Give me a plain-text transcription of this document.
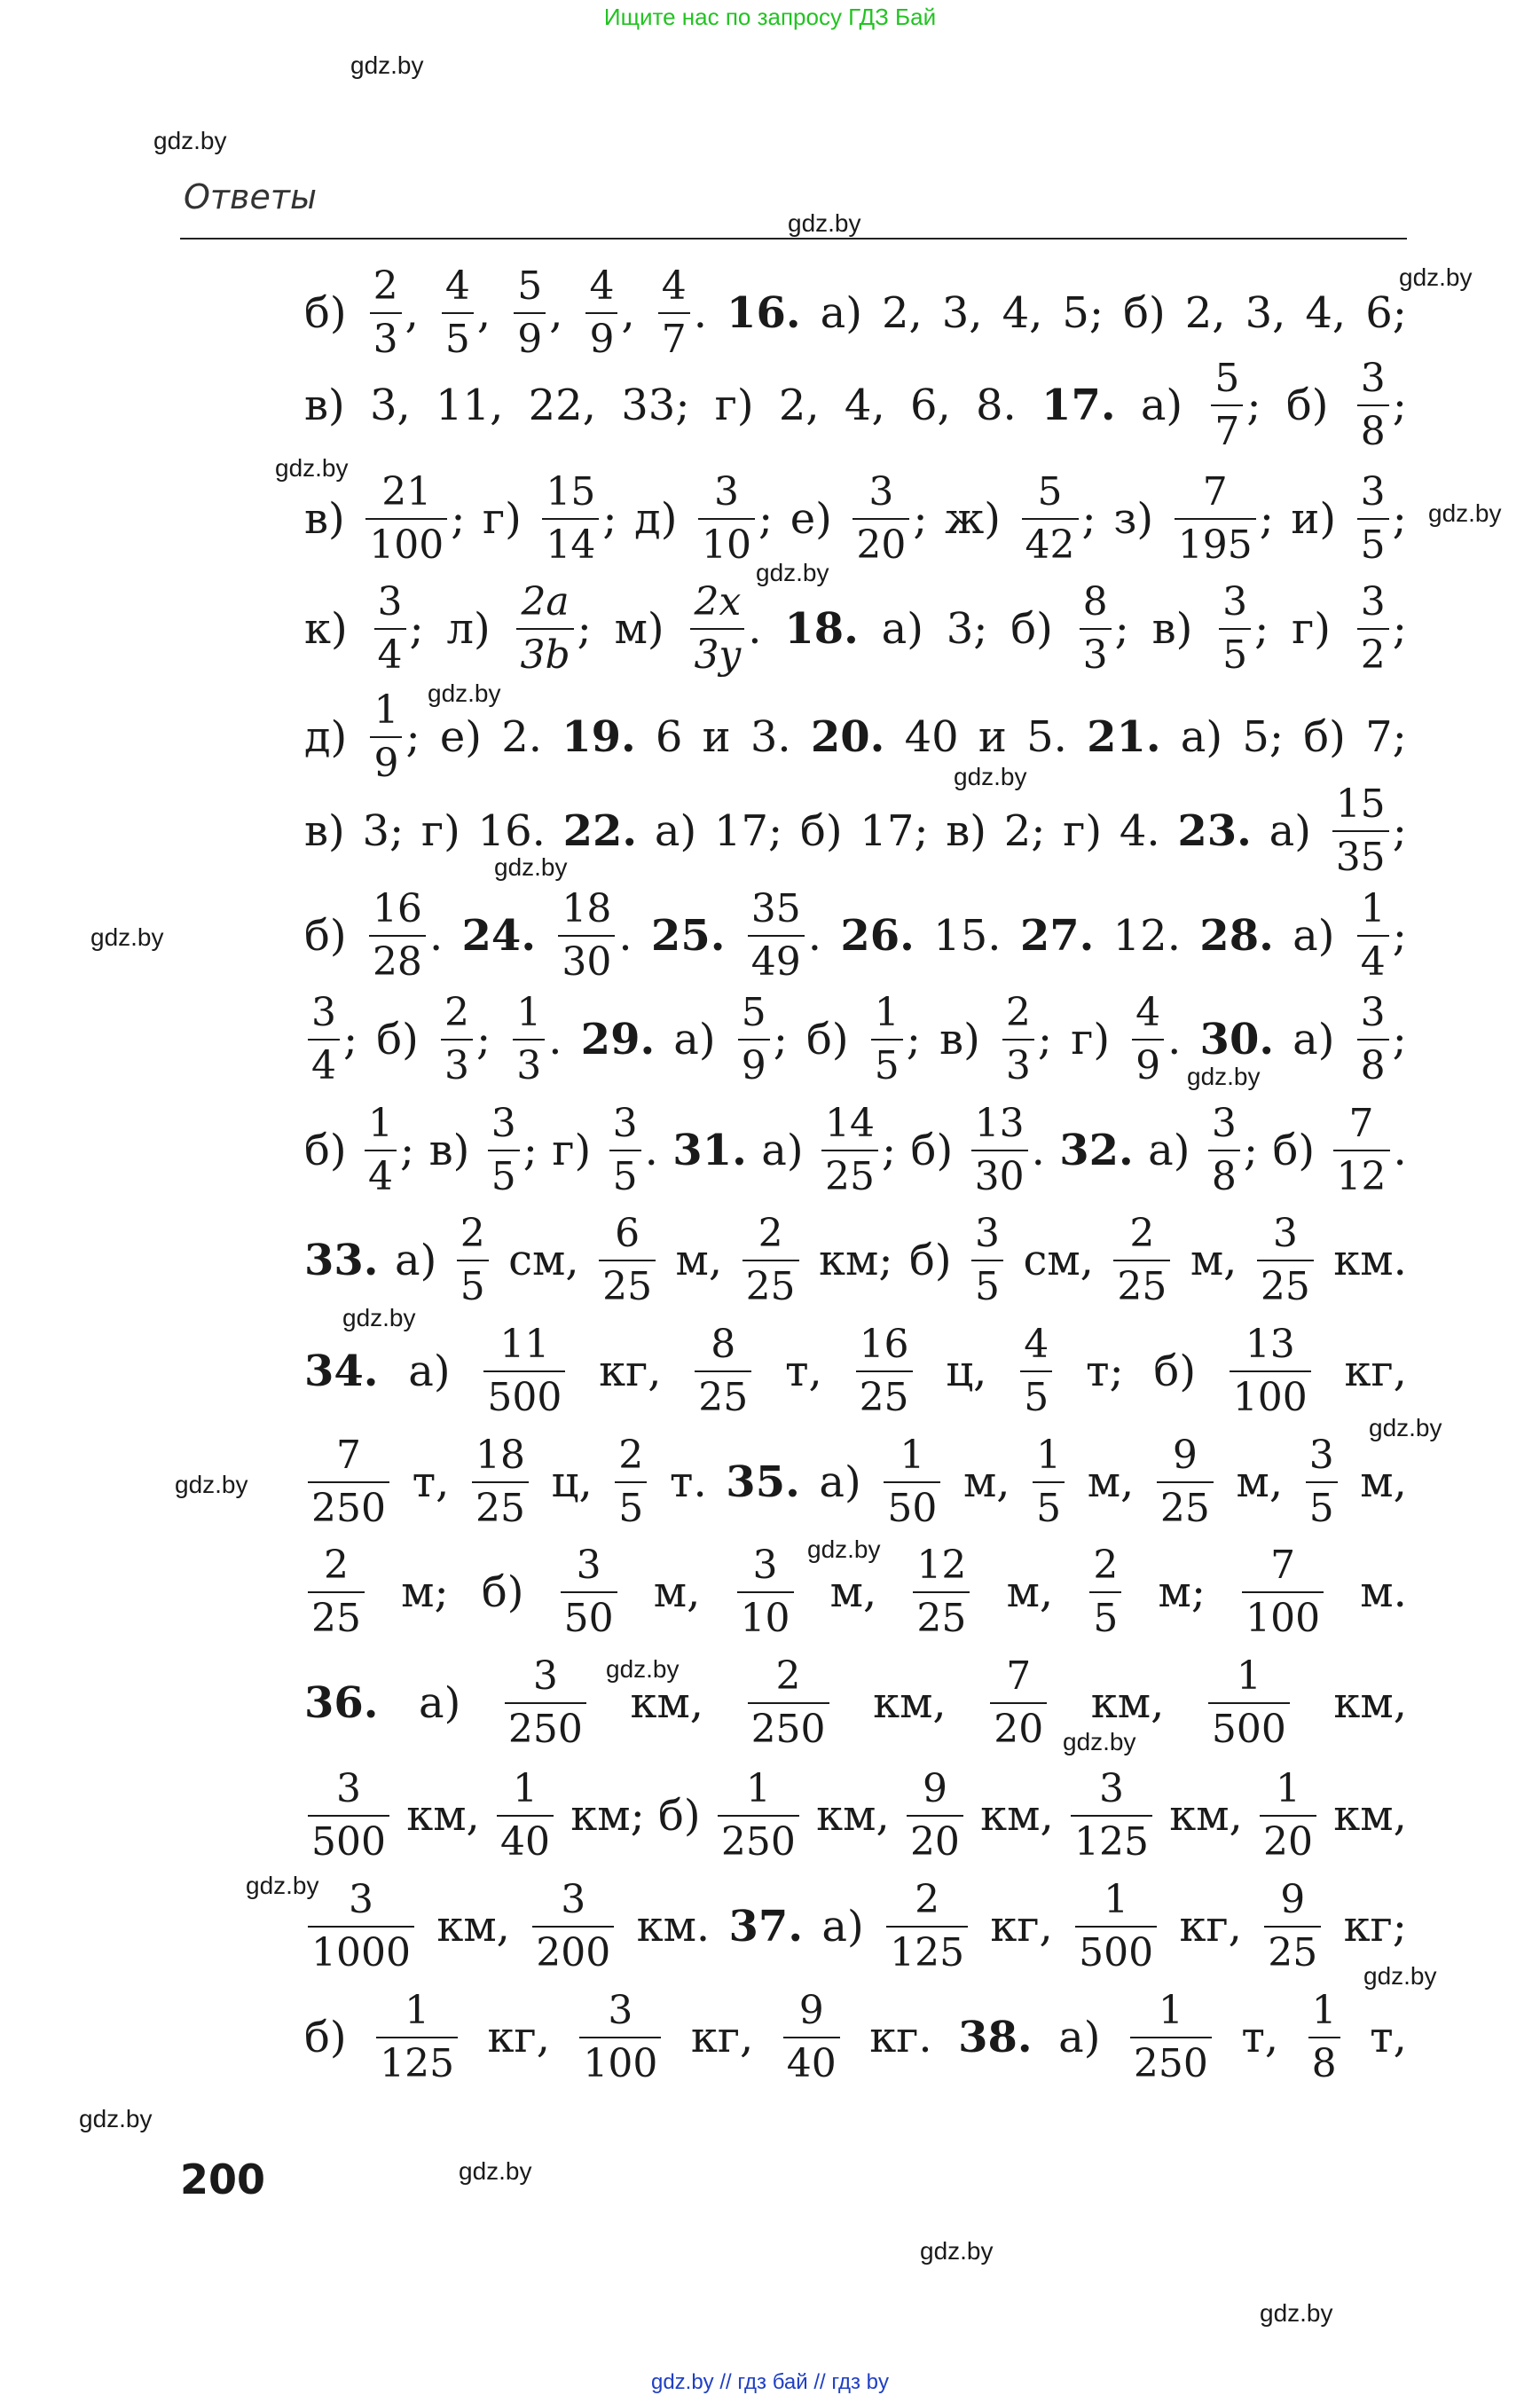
Ищите нас по запросу ГДЗ Бай
gdz.by
gdz.by
Ответы
gdz.by
$б) \frac{2}{3}$ , $\frac{4}{5}$ , $\frac{5}{9}$ , $\frac{4}{9}$ , $\frac{4}{7}$ . 16. а) 2, 3, 4, 5; б) 2, 3, 4, 6;
в) 3, 11, 22, 33; г) 2, 4, 6, 8. 17. $а) \frac{5}{7}$ ; $б) \frac{3}{8}$ ;
$в) \frac{21}{100}$ ; $г) \frac{15}{14}$ ; $д) \frac{3}{10}$ ; $е) \frac{3}{20}$ ; $ж) \frac{5}{42}$ ; $з) \frac{7}{195}$ ; $и) \frac{3}{5}$ ;
$к) \frac{3}{4}$ ; $л) \frac{2a}{3b}$ ; $м) \frac{2x}{3y}$ . 18. а) 3; $б) \frac{8}{3}$ ; $в) \frac{3}{5}$ ; $г) \frac{3}{2}$ ;
$д) \frac{1}{9}$ ; е) 2. 19. 6 и 3. 20. 40 и 5. 21. а) 5; б) 7;
в) 3; г) 16. 22. а) 17; б) 17; в) 2; г) 4. 23. $а) \frac{15}{35}$ ;
$б) \frac{16}{28}$ . 24. $\frac{18}{30}$ . 25. $\frac{35}{49}$ . 26. 15. 27. 12. 28. $а) \frac{1}{4}$ ;
$\frac{3}{4}$ ; $б) \frac{2}{3}$ ; $\frac{1}{3}$ . 29. $а) \frac{5}{9}$ ; $б) \frac{1}{5}$ ; $в) \frac{2}{3}$ ; $г) \frac{4}{9}$ . 30. $а) \frac{3}{8}$ ;
$б) \frac{1}{4}$ ; $в) \frac{3}{5}$ ; $г) \frac{3}{5}$ . 31. $а) \frac{14}{25}$ ; $б) \frac{13}{30}$ . 32. $а) \frac{3}{8}$ ; $б) \frac{7}{12}$ .
33. $а) \frac{2}{5}$ см, $\frac{6}{25} м$, $\frac{2}{25}$ км; $б) \frac{3}{5}$ см, $\frac{2}{25} м$, $\frac{3}{25}$ км.
34. $а) \frac{11}{500}$ кг, $\frac{8}{25} т$, $\frac{16}{25} ц$, $\frac{4}{5} т$; $б) \frac{13}{100}$ кг,
$\frac{7}{250} т$, $\frac{18}{25} ц$, $\frac{2}{5} т$. 35. $а) \frac{1}{50} м$, $\frac{1}{5} м$, $\frac{9}{25} м$, $\frac{3}{5} м$,
$\frac{2}{25} м$; $б) \frac{3}{50} м$, $\frac{3}{10} м$, $\frac{12}{25} м$, $\frac{2}{5} м$; $\frac{7}{100} м$.
36. $а) \frac{3}{250}$ км, $\frac{2}{250}$ км, $\frac{7}{20}$ км, $\frac{1}{500}$ км,
$\frac{3}{500}$ км, $\frac{1}{40}$ км; $б) \frac{1}{250}$ км, $\frac{9}{20}$ км, $\frac{3}{125}$ км, $\frac{1}{20}$ км,
$\frac{3}{1000}$ км, $\frac{3}{200}$ км. 37. $а) \frac{2}{125}$ кг, $\frac{1}{500}$ кг, $\frac{9}{25}$ кг;
$б) \frac{1}{125}$ кг, $\frac{3}{100}$ кг, $\frac{9}{40}$ кг. 38. $а) \frac{1}{250} т$, $\frac{1}{8} т$,
gdz.by
gdz.by
gdz.by
gdz.by
gdz.by
gdz.by
gdz.by
gdz.by
gdz.by
gdz.by
gdz.by
gdz.by
gdz.by
gdz.by
gdz.by
gdz.by
gdz.by
gdz.by
gdz.by
gdz.by
gdz.by
200
gdz.by // гдз бай // гдз by
